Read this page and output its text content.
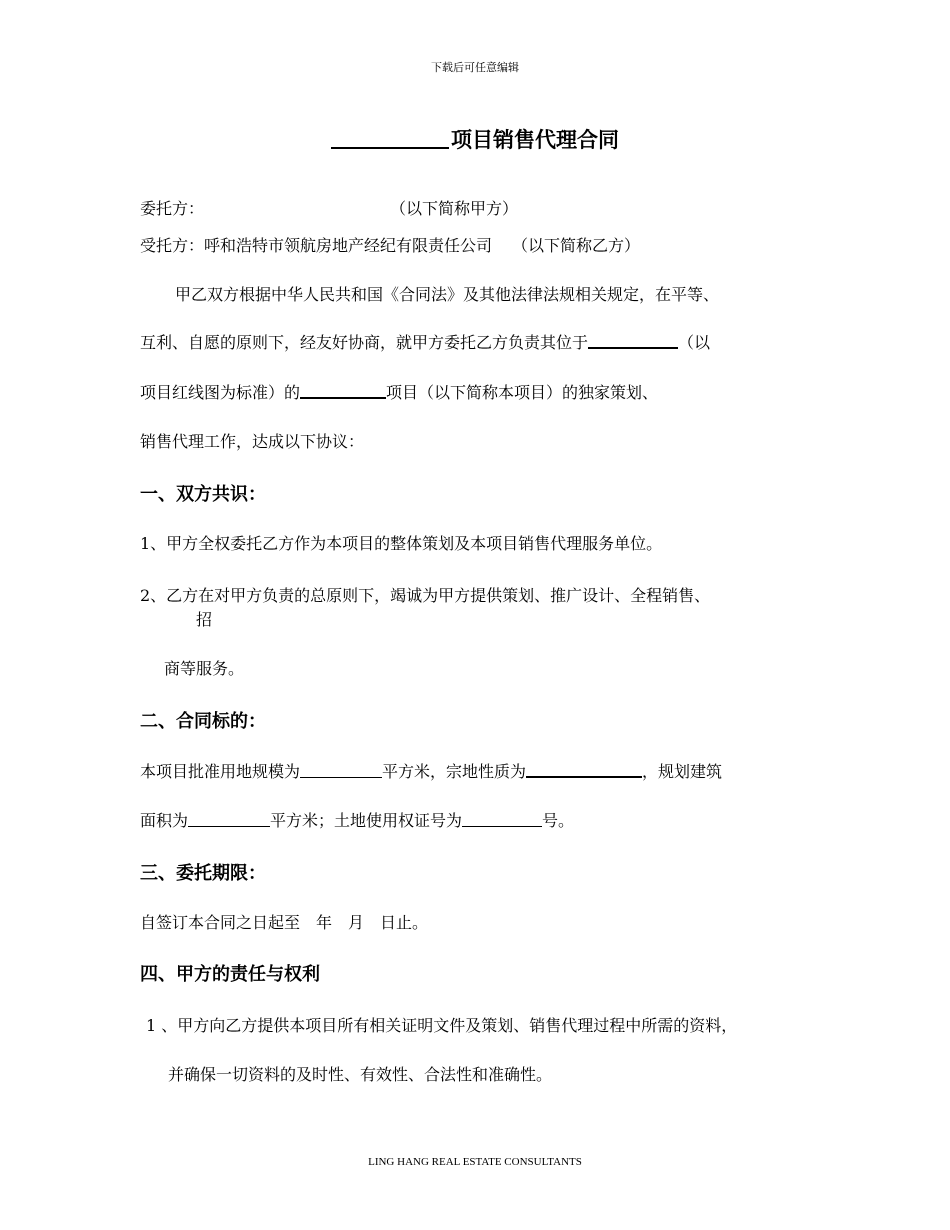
下载后可任意编辑
项目销售代理合同
委托方：	（以下简称甲方）
受托方：呼和浩特市领航房地产经纪有限责任公司 （以下简称乙方）
甲乙双方根据中华人民共和国《合同法》及其他法律法规相关规定，在平等、
互利、自愿的原则下，经友好协商，就甲方委托乙方负责其位于	（以
项目红线图为标准）的	项目（以下简称本项目）的独家策划、
销售代理工作，达成以下协议：
一、双方共识：
1、甲方全权委托乙方作为本项目的整体策划及本项目销售代理服务单位。
2、乙方在对甲方负责的总原则下，竭诚为甲方提供策划、推广设计、全程销售、
招
商等服务。
二、合同标的：
本项目批准用地规模为	平方米，宗地性质为	，规划建筑
面积为	平方米；土地使用权证号为	号。
三、委托期限：
自签订本合同之日起至　年　月　日止。
四、甲方的责任与权利
1 、甲方向乙方提供本项目所有相关证明文件及策划、销售代理过程中所需的资料，
并确保一切资料的及时性、有效性、合法性和准确性。
LING HANG REAL ESTATE CONSULTANTS
